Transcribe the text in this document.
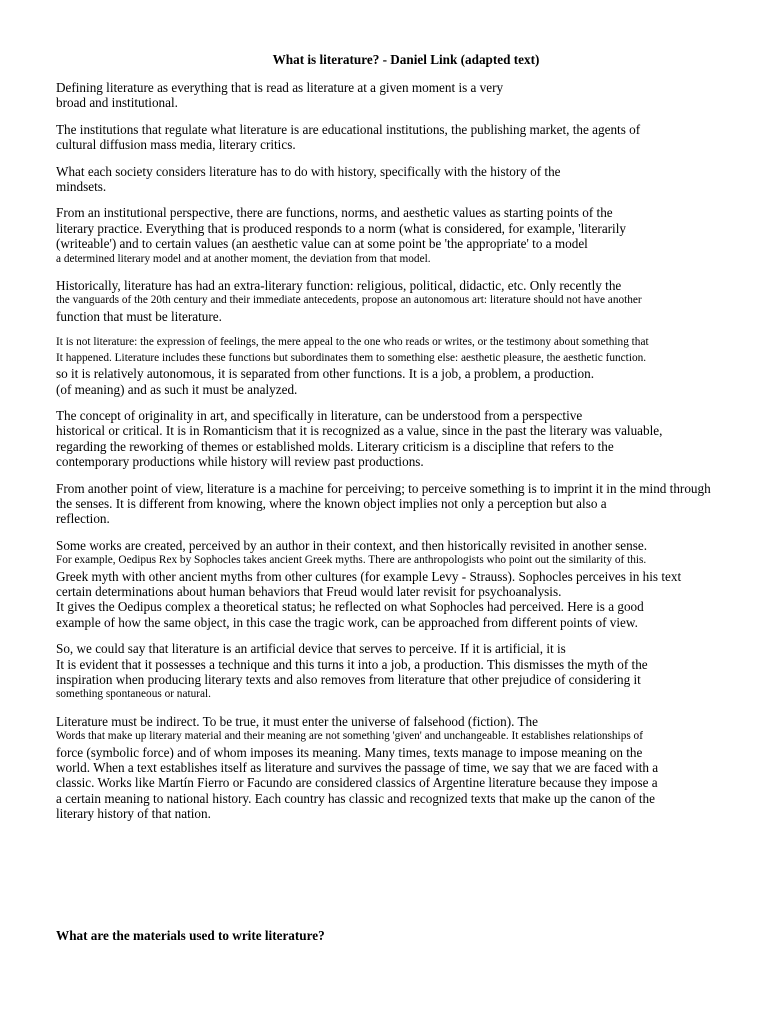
What is literature? - Daniel Link (adapted text)
Defining literature as everything that is read as literature at a given moment is a very
broad and institutional.
The institutions that regulate what literature is are educational institutions, the publishing market, the agents of
cultural diffusion mass media, literary critics.
What each society considers literature has to do with history, specifically with the history of the
mindsets.
From an institutional perspective, there are functions, norms, and aesthetic values as starting points of the
literary practice. Everything that is produced responds to a norm (what is considered, for example, 'literarily
(writeable') and to certain values (an aesthetic value can at some point be 'the appropriate' to a model
a determined literary model and at another moment, the deviation from that model.
Historically, literature has had an extra-literary function: religious, political, didactic, etc. Only recently the
the vanguards of the 20th century and their immediate antecedents, propose an autonomous art: literature should not have another
function that must be literature.
It is not literature: the expression of feelings, the mere appeal to the one who reads or writes, or the testimony about something that
It happened. Literature includes these functions but subordinates them to something else: aesthetic pleasure, the aesthetic function.
so it is relatively autonomous, it is separated from other functions. It is a job, a problem, a production.
(of meaning) and as such it must be analyzed.
The concept of originality in art, and specifically in literature, can be understood from a perspective
historical or critical. It is in Romanticism that it is recognized as a value, since in the past the literary was valuable,
regarding the reworking of themes or established molds. Literary criticism is a discipline that refers to the
contemporary productions while history will review past productions.
From another point of view, literature is a machine for perceiving; to perceive something is to imprint it in the mind through
the senses. It is different from knowing, where the known object implies not only a perception but also a
reflection.
Some works are created, perceived by an author in their context, and then historically revisited in another sense.
For example, Oedipus Rex by Sophocles takes ancient Greek myths. There are anthropologists who point out the similarity of this.
Greek myth with other ancient myths from other cultures (for example Levy - Strauss). Sophocles perceives in his text
certain determinations about human behaviors that Freud would later revisit for psychoanalysis.
It gives the Oedipus complex a theoretical status; he reflected on what Sophocles had perceived. Here is a good
example of how the same object, in this case the tragic work, can be approached from different points of view.
So, we could say that literature is an artificial device that serves to perceive. If it is artificial, it is
It is evident that it possesses a technique and this turns it into a job, a production. This dismisses the myth of the
inspiration when producing literary texts and also removes from literature that other prejudice of considering it
something spontaneous or natural.
Literature must be indirect. To be true, it must enter the universe of falsehood (fiction). The
Words that make up literary material and their meaning are not something 'given' and unchangeable. It establishes relationships of
force (symbolic force) and of whom imposes its meaning. Many times, texts manage to impose meaning on the
world. When a text establishes itself as literature and survives the passage of time, we say that we are faced with a
classic. Works like Martín Fierro or Facundo are considered classics of Argentine literature because they impose a
a certain meaning to national history. Each country has classic and recognized texts that make up the canon of the
literary history of that nation.
What are the materials used to write literature?
